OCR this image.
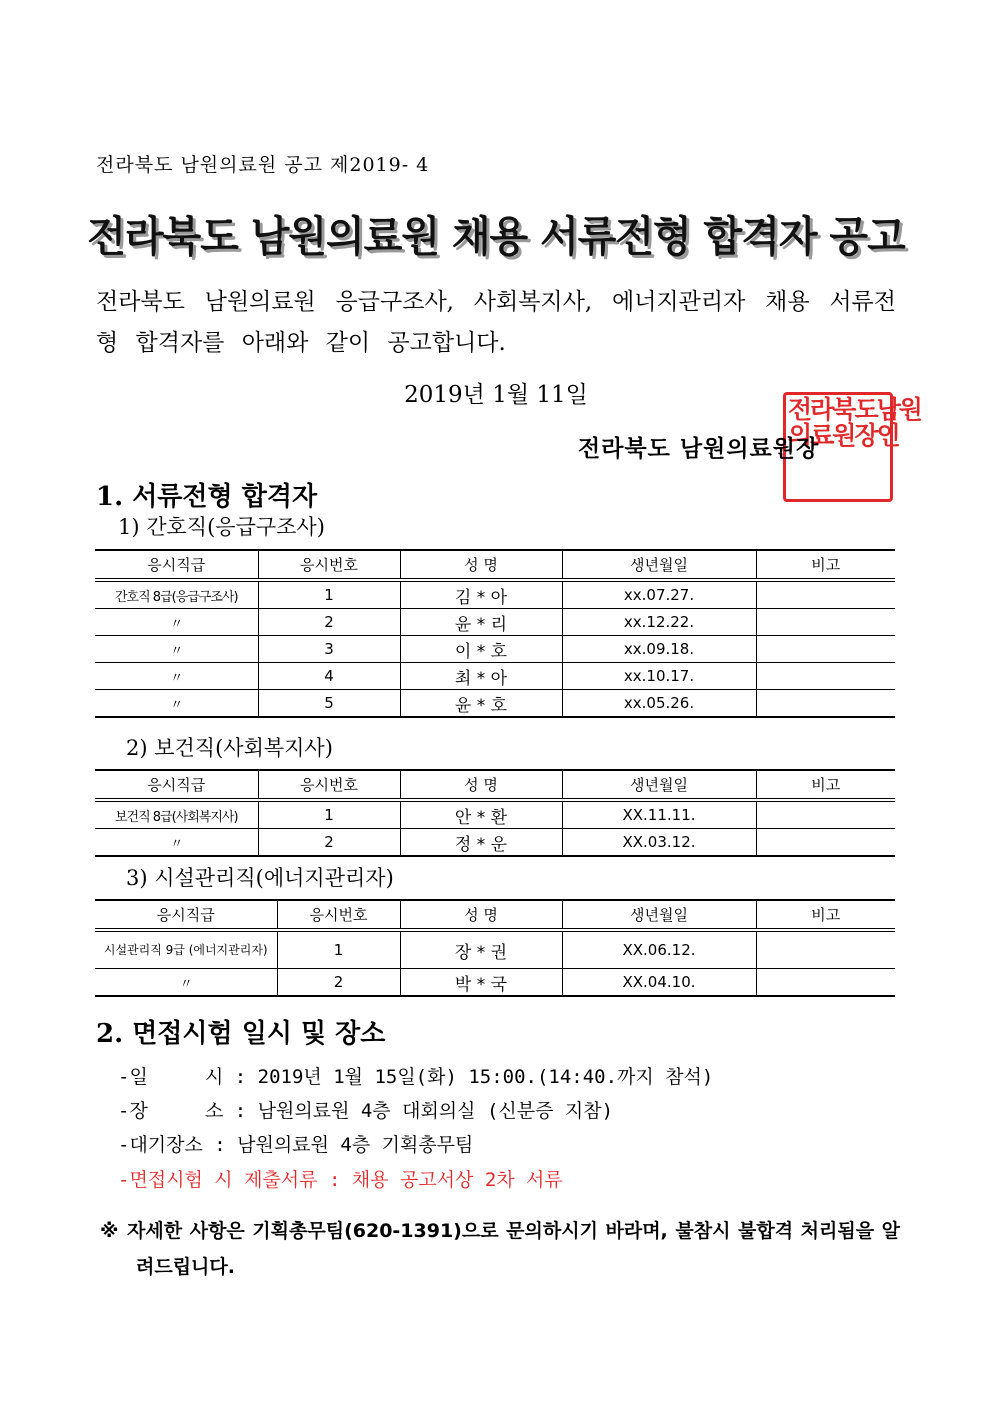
전라북도 남원의료원 공고 제2019- 4
전라북도 남원의료원 채용 서류전형 합격자 공고
전라북도 남원의료원 응급구조사, 사회복지사, 에너지관리자 채용 서류전형 합격자를 아래와 같이 공고합니다.
2019년 1월 11일	전라북도남원
의료원장인
전라북도 남원의료원장
1. 서류전형 합격자
1) 간호직(응급구조사)
응시직급	응시번호	성 명	생년월일	비고
간호직 8급(응급구조사)	1	김 * 아	xx.07.27.	
〃	2	윤 * 리	xx.12.22.	
〃	3	이 * 호	xx.09.18.	
〃	4	최 * 아	xx.10.17.	
〃	5	윤 * 호	xx.05.26.	
2) 보건직(사회복지사)
응시직급	응시번호	성 명	생년월일	비고
보건직 8급(사회복지사)	1	안 * 환	XX.11.11.	
〃	2	정 * 운	XX.03.12.	
3) 시설관리직(에너지관리자)
응시직급	응시번호	성 명	생년월일	비고
시설관리직 9급 (에너지관리자)	1	장 * 권	XX.06.12.	
〃	2	박 * 국	XX.04.10.	
2. 면접시험 일시 및 장소
-일     시 : 2019년 1월 15일(화) 15:00.(14:40.까지 참석)
-장     소 : 남원의료원 4층 대회의실 (신분증 지참)
-대기장소 : 남원의료원 4층 기획총무팀
-면접시험 시 제출서류 : 채용 공고서상 2차 서류
※ 자세한 사항은 기획총무팀(620-1391)으로 문의하시기 바라며, 불참시 불합격 처리됨을 알려드립니다.
